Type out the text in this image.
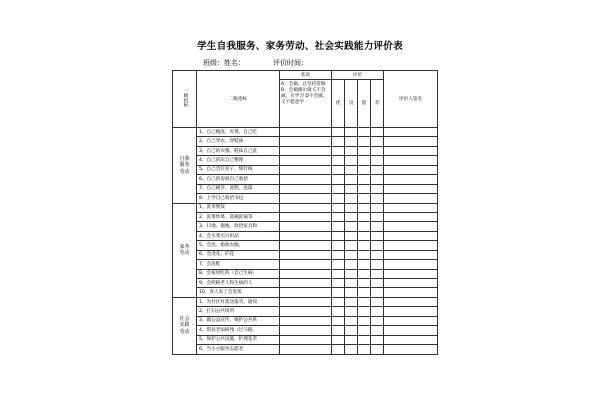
学生自我服务、家务劳动、社会实践能力评价表
班级：姓名：	评价时间：
一级指标	二级指标	状况	评价				评价人签名
		A：会做，且坚持常做 B：会做偶尔做 C不会做，在学习 D不会做，又不愿意学	优	良	般	差	
自我服务劳动	1、自己梳洗、夹菜、自己吃						
	2、自己穿衣、穿鞋袜						
	3、自己的衣服、鞋袜自己洗						
	4、自己的床自己整理						
	5、自己会钉扣子、缝针线						
	6、自己的房间自己收拾						
	7、自己刷牙、洗脸、洗澡						
	8、上学自己收拾书包						
家务劳动	1、洗米煲饭						
	2、洗菜炒菜、洗碗洗锅等						
	3、扫地、拖地、收拾家具和						
	4、会买菜买日用品						
	5、会洗、缩收衣服、						
	6、会浇花、护花						
	7、会洗鞋						
	8、会按时吃药（自己生病）						
	9、会照顾老人和生病的人						
	10、客人来了会泡茶						
社会实践劳动	1、为社区村落送报刊、通知						
	2、打扫公共场所						
	3、做公益宣传，维护公共秩						
	4、帮扶老弱病残（过马路、						
	5、保护公共设施，护理花草						
	6、当小小服务志愿者						
